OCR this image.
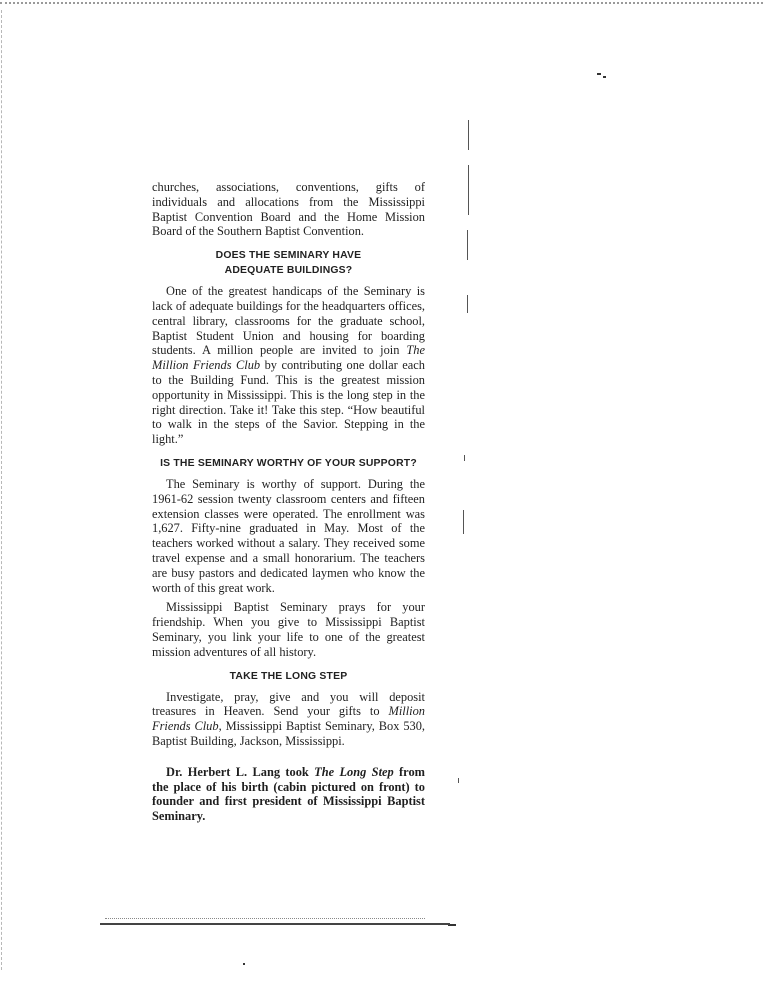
churches, associations, conventions, gifts of individuals and allocations from the Mississippi Baptist Convention Board and the Home Mission Board of the Southern Baptist Convention.

DOES THE SEMINARY HAVE

ADEQUATE BUILDINGS?

One of the greatest handicaps of the Seminary is lack of adequate buildings for the headquarters offices, central library, classrooms for the graduate school, Baptist Student Union and housing for boarding students. A million people are invited to join The Million Friends Club by contributing one dollar each to the Building Fund. This is the greatest mission opportunity in Mississippi. This is the long step in the right direction. Take it! Take this step. “How beautiful to walk in the steps of the Savior. Stepping in the light.”

IS THE SEMINARY WORTHY OF YOUR SUPPORT?

The Seminary is worthy of support. During the 1961-62 session twenty classroom centers and fifteen extension classes were operated. The enrollment was 1,627. Fifty-nine graduated in May. Most of the teachers worked without a salary. They received some travel expense and a small honorarium. The teachers are busy pastors and dedicated laymen who know the worth of this great work.

Mississippi Baptist Seminary prays for your friendship. When you give to Mississippi Baptist Seminary, you link your life to one of the greatest mission adventures of all history.

TAKE THE LONG STEP

Investigate, pray, give and you will deposit treasures in Heaven. Send your gifts to Million Friends Club, Mississippi Baptist Seminary, Box 530, Baptist Building, Jackson, Mississippi.

Dr. Herbert L. Lang took The Long Step from the place of his birth (cabin pictured on front) to founder and first president of Mississippi Baptist Seminary.
